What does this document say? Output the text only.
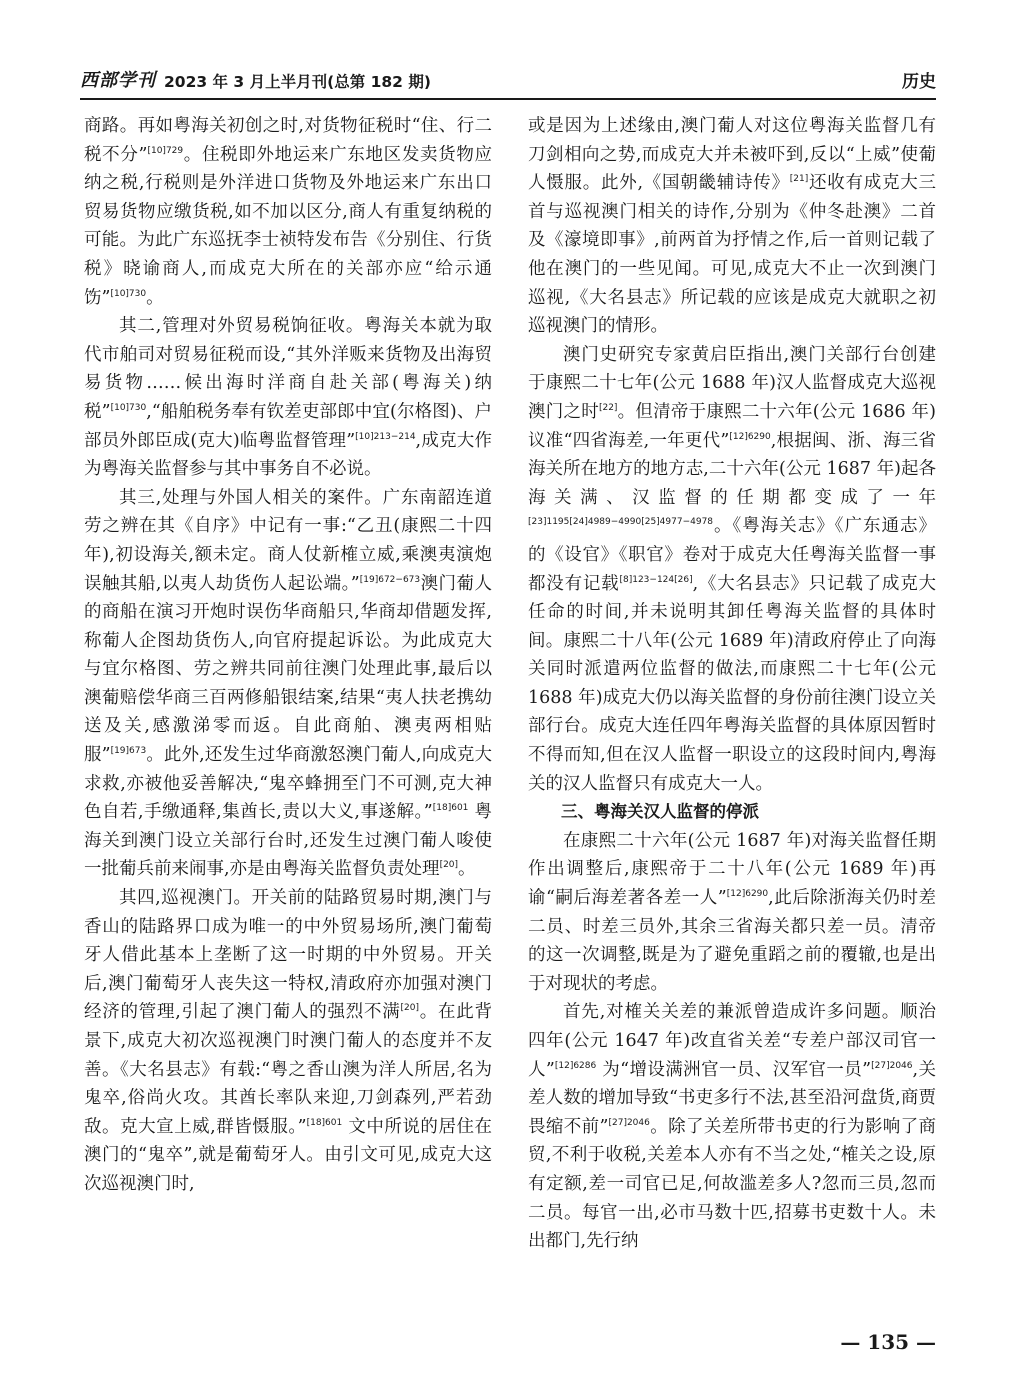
西部学刊 2023 年 3 月上半月刊(总第 182 期)	历史

商路。再如粤海关初创之时,对货物征税时“住、行二税不分”$^{[10]729}$。住税即外地运来广东地区发卖货物应纳之税,行税则是外洋进口货物及外地运来广东出口贸易货物应缴货税,如不加以区分,商人有重复纳税的可能。为此广东巡抚李士祯特发布告《分别住、行货税》晓谕商人,而成克大所在的关部亦应“给示通饬”$^{[10]730}$。

其二,管理对外贸易税饷征收。粤海关本就为取代市舶司对贸易征税而设,“其外洋贩来货物及出海贸易货物……候出海时洋商自赴关部(粤海关)纳税”$^{[10]730}$,“船舶税务奉有钦差吏部郎中宜(尔格图)、户部员外郎臣成(克大)临粤监督管理”$^{[10]213-214}$,成克大作为粤海关监督参与其中事务自不必说。

其三,处理与外国人相关的案件。广东南韶连道劳之辨在其《自序》中记有一事:“乙丑(康熙二十四年),初设海关,额未定。商人仗新榷立威,乘澳夷演炮误触其船,以夷人劫货伤人起讼端。”$^{[19]672-673}$澳门葡人的商船在演习开炮时误伤华商船只,华商却借题发挥,称葡人企图劫货伤人,向官府提起诉讼。为此成克大与宜尔格图、劳之辨共同前往澳门处理此事,最后以澳葡赔偿华商三百两修船银结案,结果“夷人扶老携幼送及关,感激涕零而返。自此商舶、澳夷两相贴服”$^{[19]673}$。此外,还发生过华商激怒澳门葡人,向成克大求救,亦被他妥善解决,“鬼卒蜂拥至门不可测,克大神色自若,手缴通释,集酋长,责以大义,事遂解。”$^{[18]601}$ 粤海关到澳门设立关部行台时,还发生过澳门葡人唆使一批葡兵前来闹事,亦是由粤海关监督负责处理[20]。

其四,巡视澳门。开关前的陆路贸易时期,澳门与香山的陆路界口成为唯一的中外贸易场所,澳门葡萄牙人借此基本上垄断了这一时期的中外贸易。开关后,澳门葡萄牙人丧失这一特权,清政府亦加强对澳门经济的管理,引起了澳门葡人的强烈不满[20]。在此背景下,成克大初次巡视澳门时澳门葡人的态度并不友善。《大名县志》有载:“粤之香山澳为洋人所居,名为鬼卒,俗尚火攻。其酋长率队来迎,刀剑森列,严若劲敌。克大宣上威,群皆慑服。”$^{[18]601}$ 文中所说的居住在澳门的“鬼卒”,就是葡萄牙人。由引文可见,成克大这次巡视澳门时,

或是因为上述缘由,澳门葡人对这位粤海关监督几有刀剑相向之势,而成克大并未被吓到,反以“上威”使葡人慑服。此外,《国朝畿辅诗传》[21]还收有成克大三首与巡视澳门相关的诗作,分别为《仲冬赴澳》二首及《濠境即事》,前两首为抒情之作,后一首则记载了他在澳门的一些见闻。可见,成克大不止一次到澳门巡视,《大名县志》所记载的应该是成克大就职之初巡视澳门的情形。

澳门史研究专家黄启臣指出,澳门关部行台创建于康熙二十七年(公元 1688 年)汉人监督成克大巡视澳门之时[22]。但清帝于康熙二十六年(公元 1686 年)议准“四省海差,一年更代”$^{[12]6290}$,根据闽、浙、海三省海关所在地方的地方志,二十六年(公元 1687 年)起各海关满、汉监督的任期都变成了一年$^{[23]1195[24]4989-4990[25]4977-4978}$。《粤海关志》《广东通志》的《设官》《职官》卷对于成克大任粤海关监督一事都没有记载[8]123−124[26],《大名县志》只记载了成克大任命的时间,并未说明其卸任粤海关监督的具体时间。康熙二十八年(公元 1689 年)清政府停止了向海关同时派遣两位监督的做法,而康熙二十七年(公元 1688 年)成克大仍以海关监督的身份前往澳门设立关部行台。成克大连任四年粤海关监督的具体原因暂时不得而知,但在汉人监督一职设立的这段时间内,粤海关的汉人监督只有成克大一人。

三、粤海关汉人监督的停派

在康熙二十六年(公元 1687 年)对海关监督任期作出调整后,康熙帝于二十八年(公元 1689 年)再谕“嗣后海差著各差一人”$^{[12]6290}$,此后除浙海关仍时差二员、时差三员外,其余三省海关都只差一员。清帝的这一次调整,既是为了避免重蹈之前的覆辙,也是出于对现状的考虑。

首先,对榷关关差的兼派曾造成许多问题。顺治四年(公元 1647 年)改直省关差“专差户部汉司官一人”$^{[12]6286}$ 为“增设满洲官一员、汉军官一员”$^{[27]2046}$,关差人数的增加导致“书吏多行不法,甚至沿河盘货,商贾畏缩不前”$^{[27]2046}$。除了关差所带书吏的行为影响了商贸,不利于收税,关差本人亦有不当之处,“榷关之设,原有定额,差一司官已足,何故滥差多人?忽而三员,忽而二员。每官一出,必市马数十匹,招募书吏数十人。未出都门,先行纳

— 135 —
